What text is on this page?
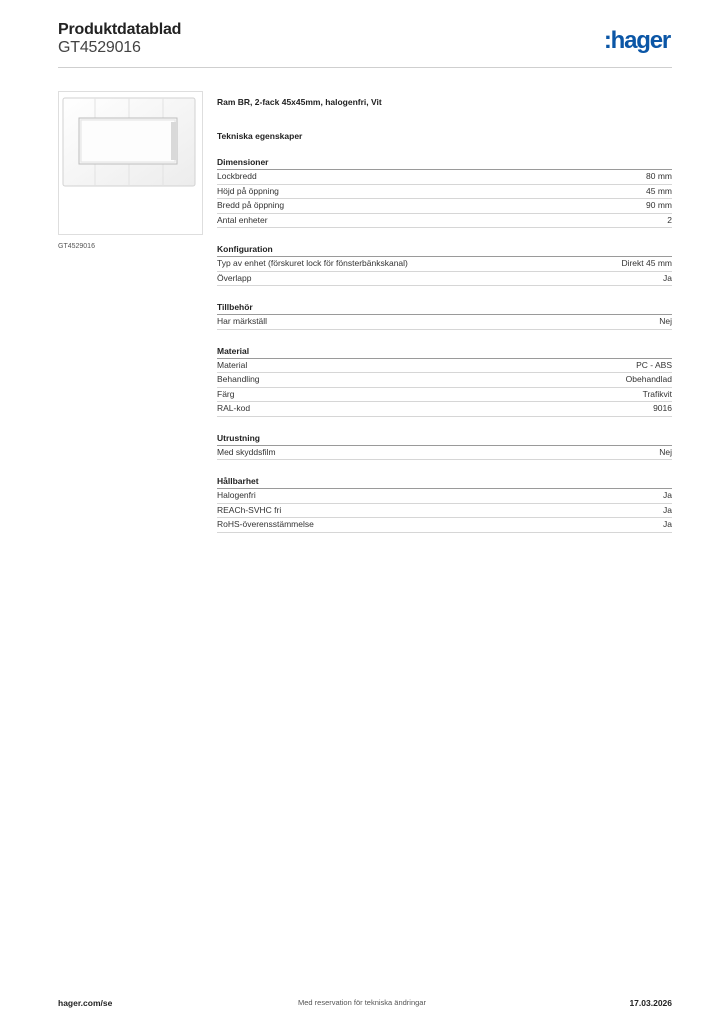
Produktdatablad
GT4529016	:hager
GT4529016
Ram BR, 2-fack 45x45mm, halogenfri, Vit
Tekniska egenskaper
Dimensioner
Lockbredd	80 mm
Höjd på öppning	45 mm
Bredd på öppning	90 mm
Antal enheter	2
Konfiguration
Typ av enhet (förskuret lock för fönsterbänkskanal)	Direkt 45 mm
Överlapp	Ja
Tillbehör
Har märkställ	Nej
Material
Material	PC - ABS
Behandling	Obehandlad
Färg	Trafikvit
RAL-kod	9016
Utrustning
Med skyddsfilm	Nej
Hållbarhet
Halogenfri	Ja
REACh-SVHC fri	Ja
RoHS-överensstämmelse	Ja
hager.com/se	Med reservation för tekniska ändringar	17.03.2026
